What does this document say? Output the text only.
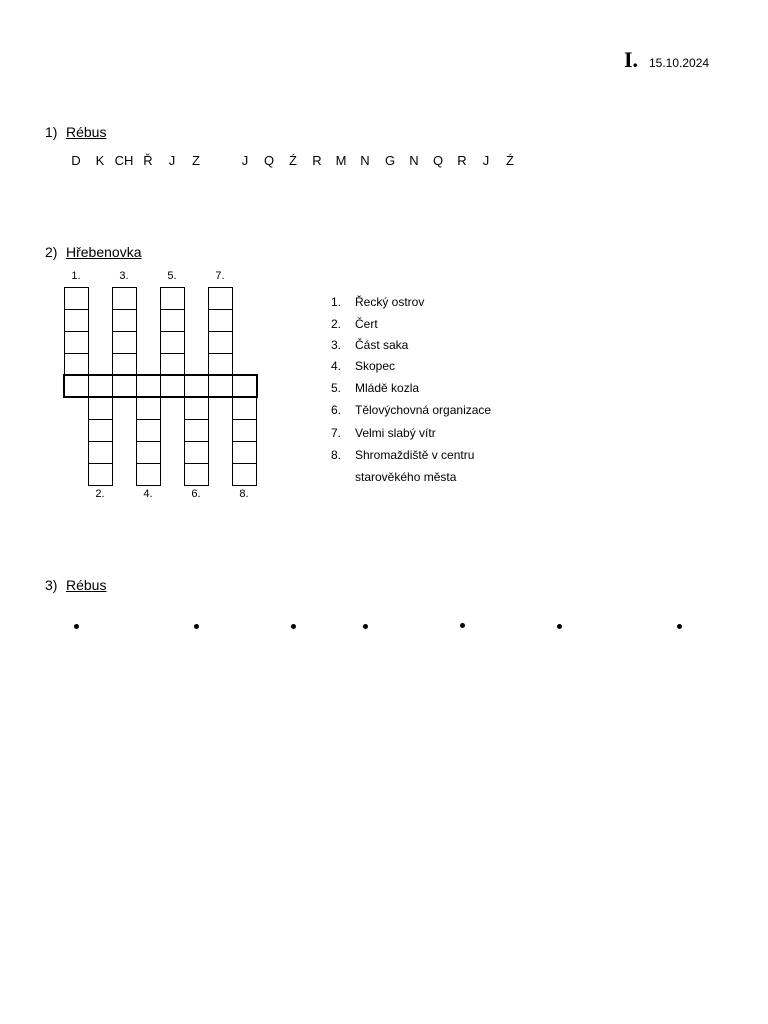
I. 15.10.2024
1) Rébus
D	K CH Ř	J	Z	J	Q	Ź	R	M	N	G	N	Q	R	J	Ź
2) Hřebenovka
1.	3.	5.	7.
2.	4.	6.	8.
1. Řecký ostrov
2. Čert
3. Část saka
4. Skopec
5. Mládě kozla
6. Tělovýchovná organizace
7. Velmi slabý vítr
8. Shromaždiště v centru
starověkého města
3) Rébus
